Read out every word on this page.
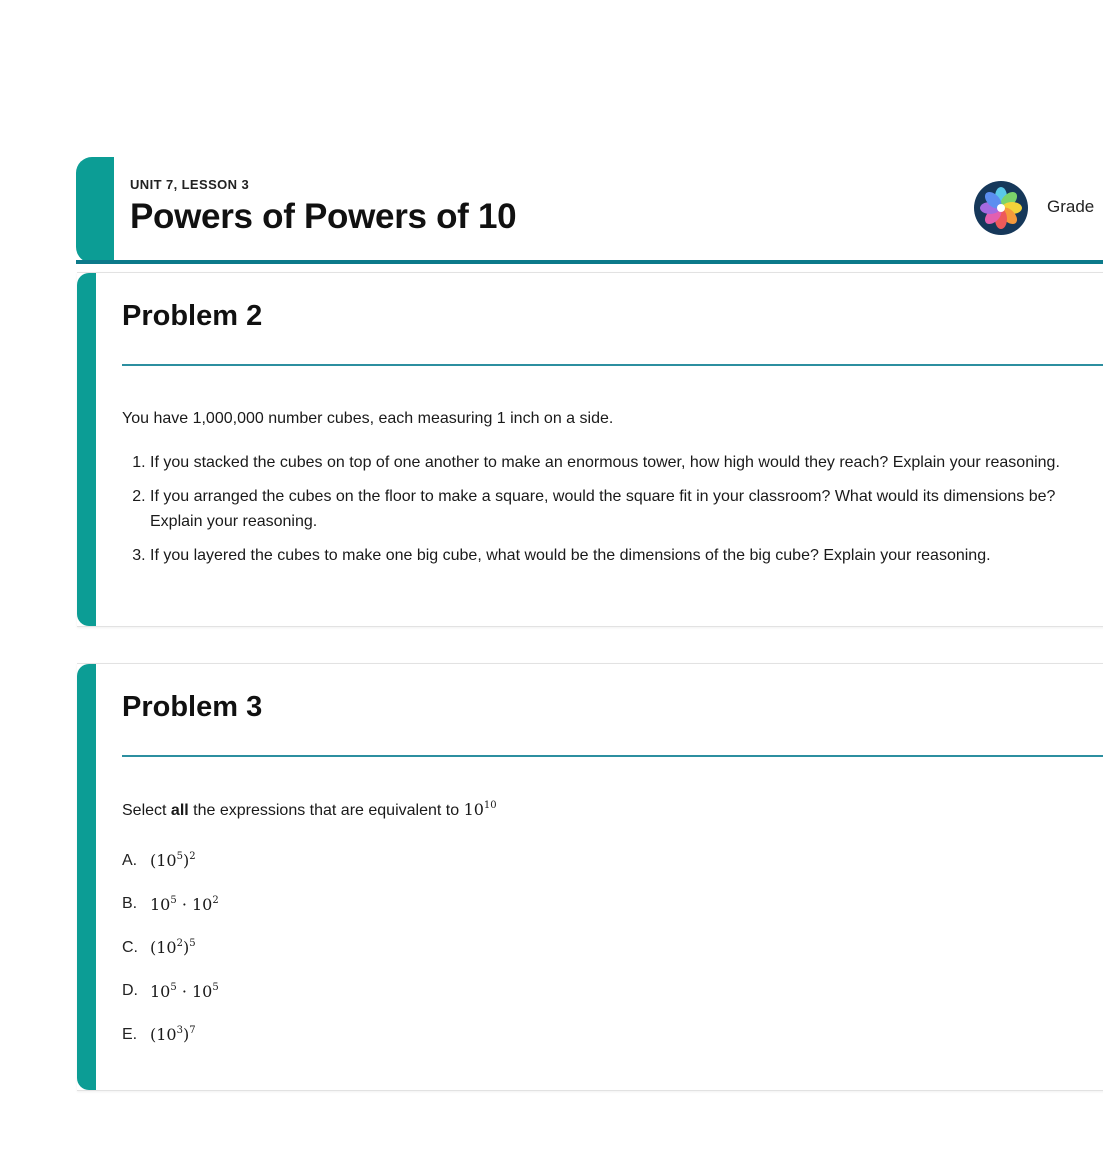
UNIT 7, LESSON 3
Powers of Powers of 10	Grade
Problem 2
You have 1,000,000 number cubes, each measuring 1 inch on a side.
1. If you stacked the cubes on top of one another to make an enormous tower, how high would they reach? Explain your reasoning.
2. If you arranged the cubes on the floor to make a square, would the square fit in your classroom? What would its dimensions be? Explain your reasoning.
3. If you layered the cubes to make one big cube, what would be the dimensions of the big cube? Explain your reasoning.
Problem 3
Select all the expressions that are equivalent to $10^{10}$
A. $(10^5)^2$
B. $10^5 \cdot 10^2$
C. $(10^2)^5$
D. $10^5 \cdot 10^5$
E. $(10^3)^7$
